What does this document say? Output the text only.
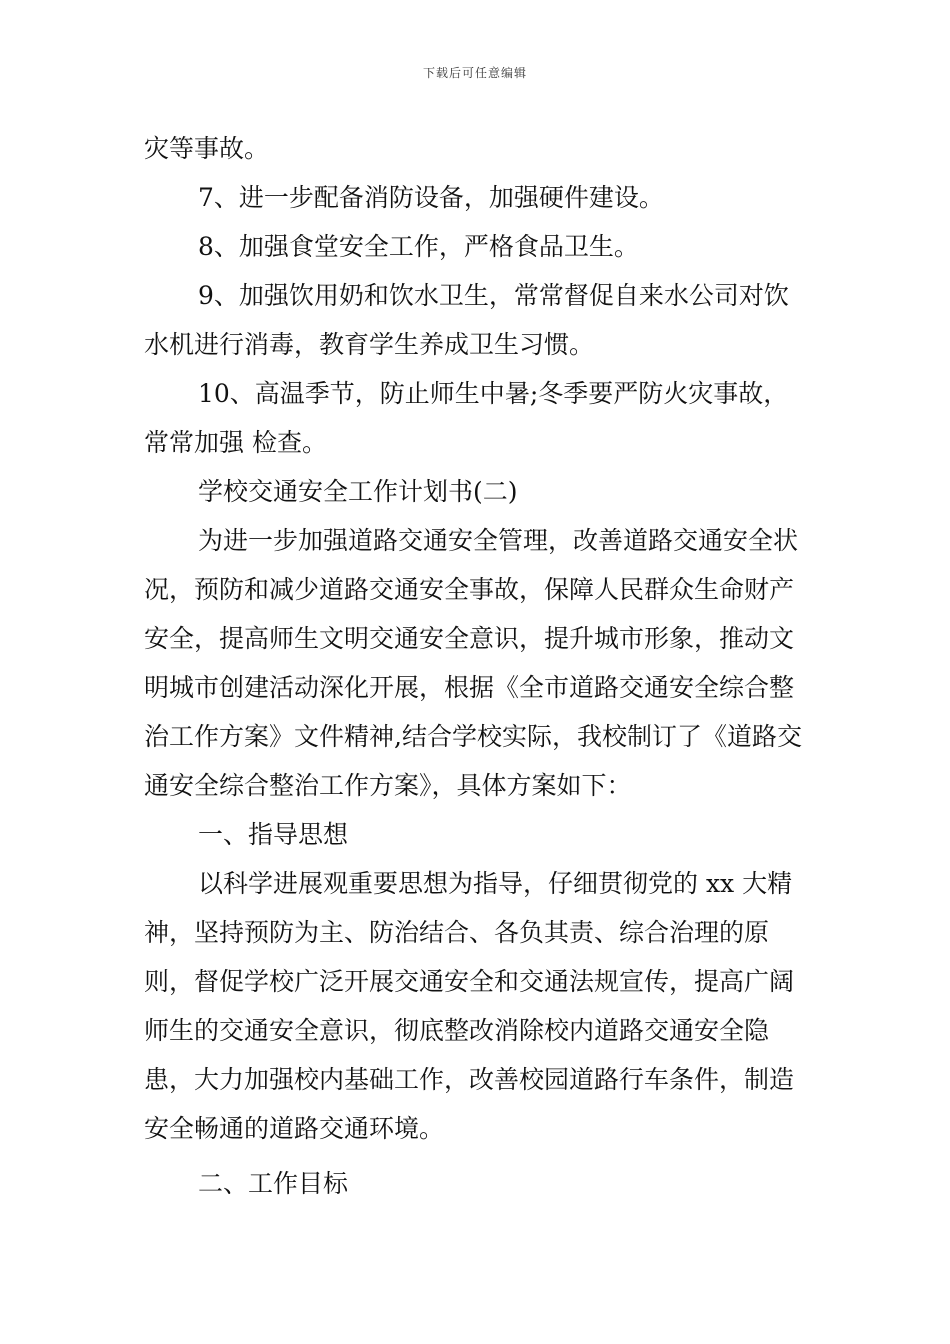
下载后可任意编辑

灾等事故。

7、进一步配备消防设备，加强硬件建设。

8、加强食堂安全工作，严格食品卫生。

9、加强饮用奶和饮水卫生，常常督促自来水公司对饮水机进行消毒，教育学生养成卫生习惯。

10、高温季节，防止师生中暑;冬季要严防火灾事故，常常加强 检查。

学校交通安全工作计划书(二)

为进一步加强道路交通安全管理，改善道路交通安全状况，预防和减少道路交通安全事故，保障人民群众生命财产安全，提高师生文明交通安全意识，提升城市形象，推动文明城市创建活动深化开展，根据《全市道路交通安全综合整治工作方案》文件精神,结合学校实际，我校制订了《道路交通安全综合整治工作方案》，具体方案如下：

一、指导思想

以科学进展观重要思想为指导，仔细贯彻党的 xx 大精神，坚持预防为主、防治结合、各负其责、综合治理的原则，督促学校广泛开展交通安全和交通法规宣传，提高广阔师生的交通安全意识，彻底整改消除校内道路交通安全隐患，大力加强校内基础工作，改善校园道路行车条件，制造安全畅通的道路交通环境。

二、工作目标
